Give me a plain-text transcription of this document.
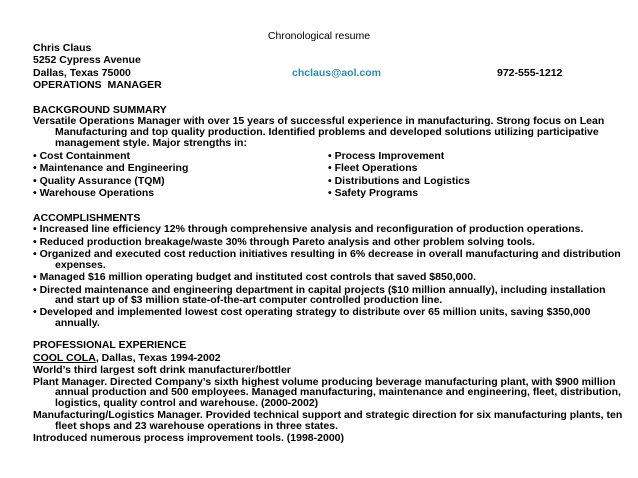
Chronological resume
Chris Claus
5252 Cypress Avenue
Dallas, Texas 75000	chclaus@aol.com	972-555-1212
OPERATIONS  MANAGER
BACKGROUND SUMMARY
Versatile Operations Manager with over 15 years of successful experience in manufacturing. Strong focus on Lean Manufacturing and top quality production. Identified problems and developed solutions utilizing participative management style. Major strengths in:
• Cost Containment
• Maintenance and Engineering
• Quality Assurance (TQM)
• Warehouse Operations
• Process Improvement
• Fleet Operations
• Distributions and Logistics
• Safety Programs
ACCOMPLISHMENTS
• Increased line efficiency 12% through comprehensive analysis and reconfiguration of production operations.
• Reduced production breakage/waste 30% through Pareto analysis and other problem solving tools.
• Organized and executed cost reduction initiatives resulting in 6% decrease in overall manufacturing and distribution expenses.
• Managed $16 million operating budget and instituted cost controls that saved $850,000.
• Directed maintenance and engineering department in capital projects ($10 million annually), including installation and start up of $3 million state-of-the-art computer controlled production line.
• Developed and implemented lowest cost operating strategy to distribute over 65 million units, saving $350,000 annually.
PROFESSIONAL EXPERIENCE
COOL COLA, Dallas, Texas 1994-2002
World’s third largest soft drink manufacturer/bottler
Plant Manager. Directed Company’s sixth highest volume producing beverage manufacturing plant, with $900 million annual production and 500 employees. Managed manufacturing, maintenance and engineering, fleet, distribution, logistics, quality control and warehouse. (2000-2002)
Manufacturing/Logistics Manager. Provided technical support and strategic direction for six manufacturing plants, ten fleet shops and 23 warehouse operations in three states.
Introduced numerous process improvement tools. (1998-2000)
